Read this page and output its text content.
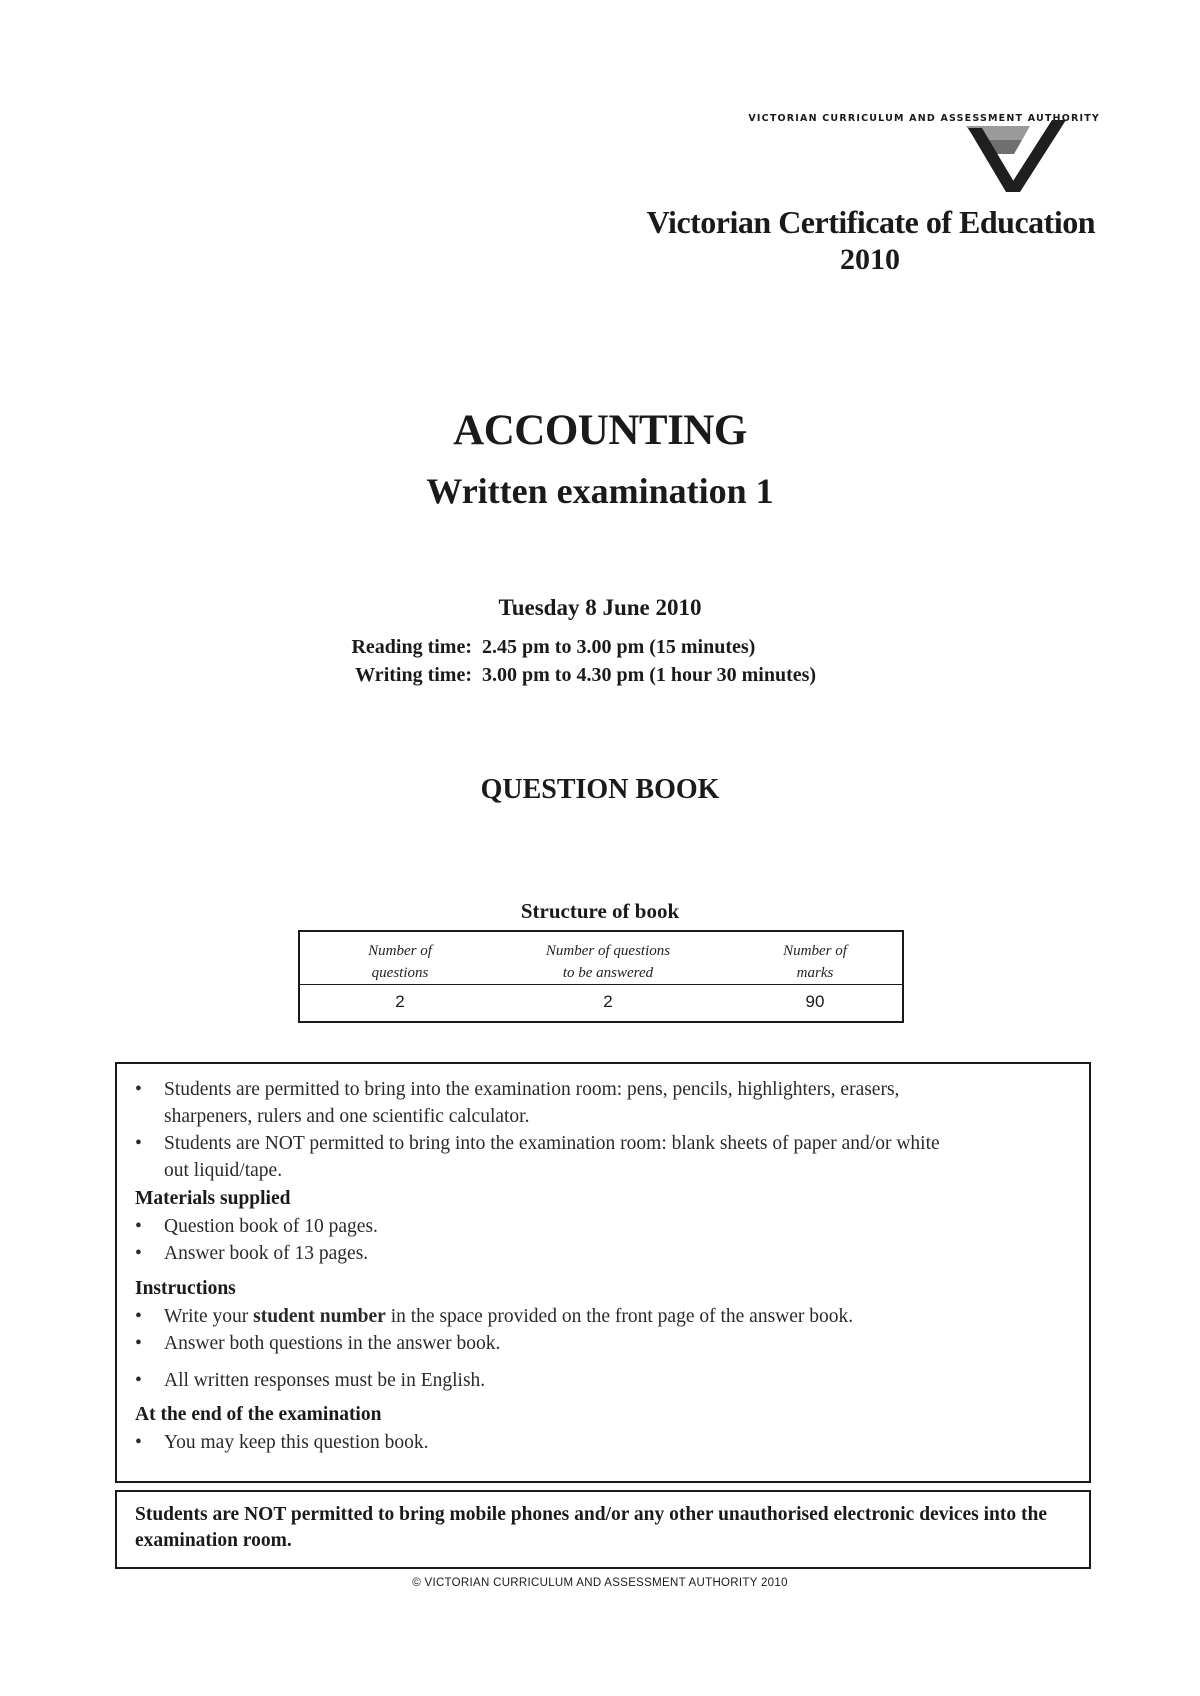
VICTORIAN CURRICULUM AND ASSESSMENT AUTHORITY
Victorian Certificate of Education
2010
ACCOUNTING
Written examination 1
Tuesday 8 June 2010
Reading time: 2.45 pm to 3.00 pm (15 minutes)
Writing time: 3.00 pm to 4.30 pm (1 hour 30 minutes)
QUESTION BOOK
Structure of book
Number of
questions
Number of questions
to be answered
Number of
marks
2	2	90
• Students are permitted to bring into the examination room: pens, pencils, highlighters, erasers,
sharpeners, rulers and one scientific calculator.
• Students are NOT permitted to bring into the examination room: blank sheets of paper and/or white
out liquid/tape.
Materials supplied
• Question book of 10 pages.
• Answer book of 13 pages.
Instructions
• Write your student number in the space provided on the front page of the answer book.
• Answer both questions in the answer book.
• All written responses must be in English.
At the end of the examination
• You may keep this question book.
Students are NOT permitted to bring mobile phones and/or any other unauthorised electronic devices into the examination room.
© VICTORIAN CURRICULUM AND ASSESSMENT AUTHORITY 2010
